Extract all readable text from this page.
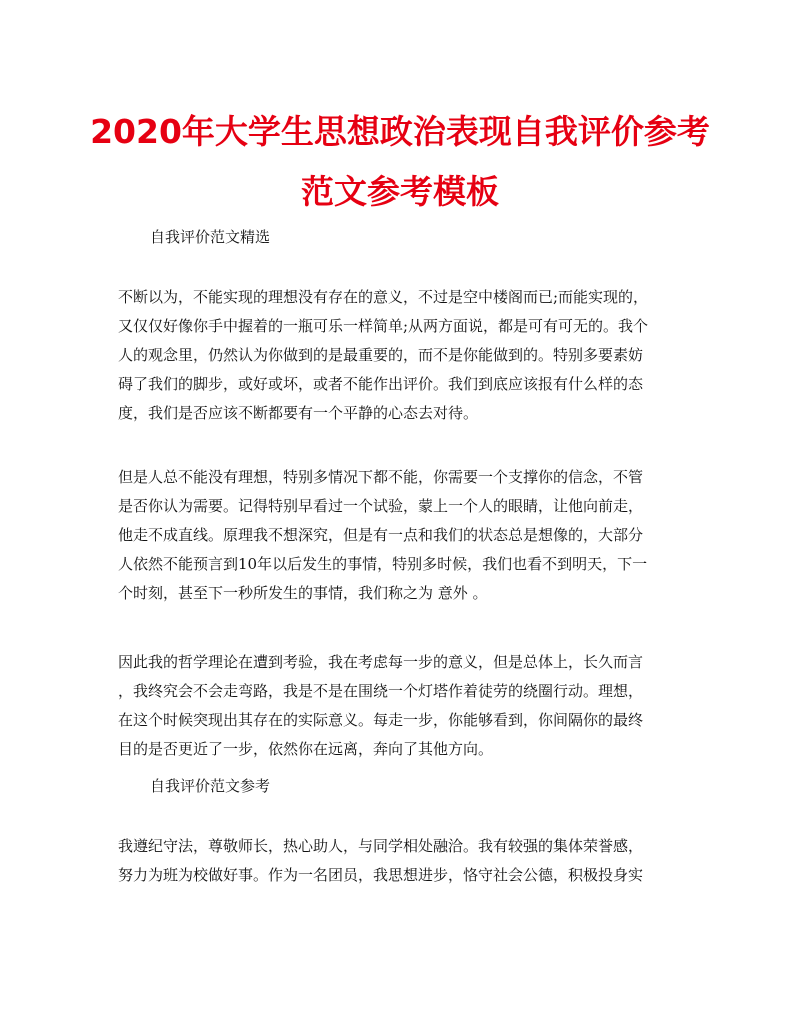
2020年大学生思想政治表现自我评价参考
范文参考模板
自我评价范文精选
不断以为，不能实现的理想没有存在的意义，不过是空中楼阁而已;而能实现的，
又仅仅好像你手中握着的一瓶可乐一样简单;从两方面说，都是可有可无的。我个
人的观念里，仍然认为你做到的是最重要的，而不是你能做到的。特别多要素妨
碍了我们的脚步，或好或坏，或者不能作出评价。我们到底应该报有什么样的态
度，我们是否应该不断都要有一个平静的心态去对待。
但是人总不能没有理想，特别多情况下都不能，你需要一个支撑你的信念，不管
是否你认为需要。记得特别早看过一个试验，蒙上一个人的眼睛，让他向前走，
他走不成直线。原理我不想深究，但是有一点和我们的状态总是想像的，大部分
人依然不能预言到10年以后发生的事情，特别多时候，我们也看不到明天，下一
个时刻，甚至下一秒所发生的事情，我们称之为 意外 。
因此我的哲学理论在遭到考验，我在考虑每一步的意义，但是总体上，长久而言
，我终究会不会走弯路，我是不是在围绕一个灯塔作着徒劳的绕圈行动。理想，
在这个时候突现出其存在的实际意义。每走一步，你能够看到，你间隔你的最终
目的是否更近了一步，依然你在远离，奔向了其他方向。
自我评价范文参考
我遵纪守法，尊敬师长，热心助人，与同学相处融洽。我有较强的集体荣誉感，
努力为班为校做好事。作为一名团员，我思想进步，恪守社会公德，积极投身实
